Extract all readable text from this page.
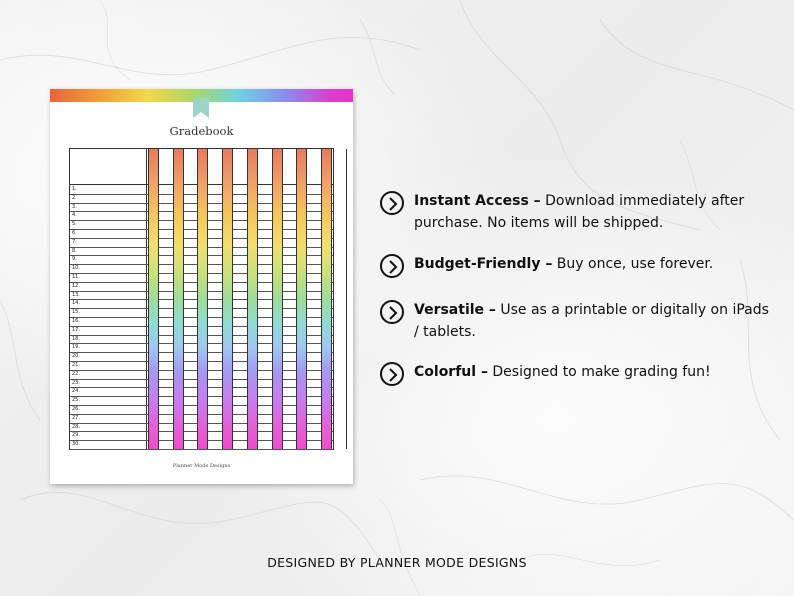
Gradebook
1.
2.
3.
4.
5.
6.
7.
8.
9.
10.
11.
12.
13.
14.
15.
16.
17.
18.
19.
20.
21.
22.
23.
24.
25.
26.
27.
28.
29.
30.
Planner Mode Designs
Instant Access – Download immediately after purchase. No items will be shipped.
Budget-Friendly – Buy once, use forever.
Versatile – Use as a printable or digitally on iPads / tablets.
Colorful – Designed to make grading fun!
DESIGNED BY PLANNER MODE DESIGNS
